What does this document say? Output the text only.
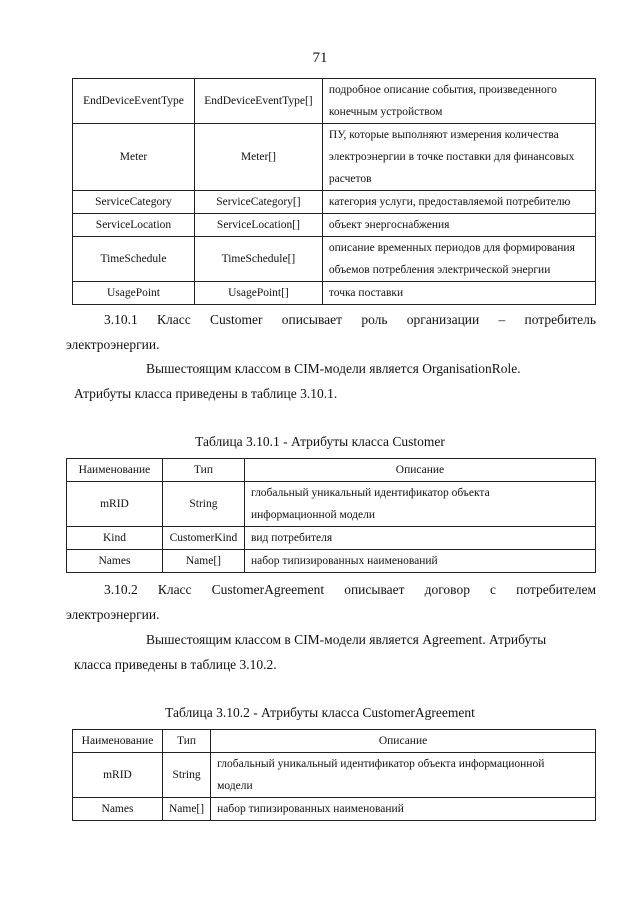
71
EndDeviceEventType	EndDeviceEventType[]	подробное описание события, произведенного
конечным устройством

Meter	Meter[]	ПУ, которые выполняют измерения количества
электроэнергии в точке поставки для финансовых
расчетов

ServiceCategory	ServiceCategory[]	категория услуги, предоставляемой потребителю

ServiceLocation	ServiceLocation[]	объект энергоснабжения

TimeSchedule	TimeSchedule[]	описание временных периодов для формирования
объемов потребления электрической энергии

UsagePoint	UsagePoint[]	точка поставки
3.10.1 Класс Customer описывает роль организации – потребитель
электроэнергии.
Вышестоящим классом в CIM-модели является OrganisationRole.
Атрибуты класса приведены в таблице 3.10.1.
Таблица 3.10.1 - Атрибуты класса Customer
Наименование	Тип	Описание
mRID	String	глобальный уникальный идентификатор объекта
информационной модели

Kind	CustomerKind	вид потребителя

Names	Name[]	набор типизированных наименований
3.10.2 Класс CustomerAgreement описывает договор с потребителем
электроэнергии.
Вышестоящим классом в CIM-модели является Agreement. Атрибуты
класса приведены в таблице 3.10.2.
Таблица 3.10.2 - Атрибуты класса CustomerAgreement
Наименование	Тип	Описание
mRID	String	глобальный уникальный идентификатор объекта информационной
модели

Names	Name[]	набор типизированных наименований
